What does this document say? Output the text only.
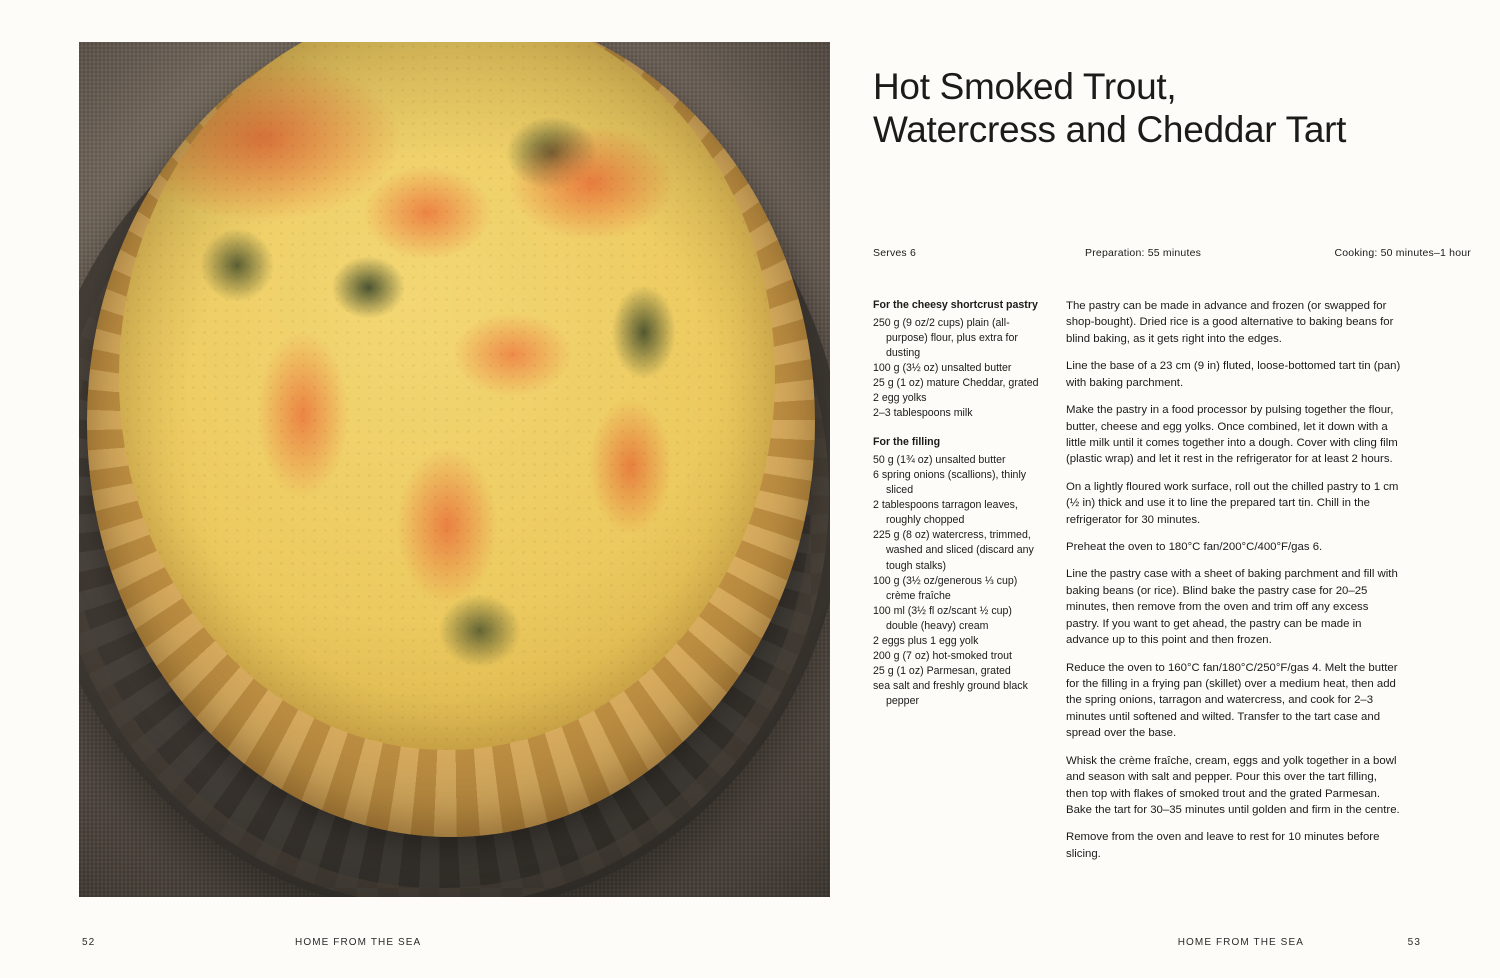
52	HOME FROM THE SEA
Hot Smoked Trout, Watercress and Cheddar Tart
Serves 6	Preparation: 55 minutes	Cooking: 50 minutes–1 hour
For the cheesy shortcrust pastry
250 g (9 oz/2 cups) plain (all-purpose) flour, plus extra for dusting
100 g (3½ oz) unsalted butter
25 g (1 oz) mature Cheddar, grated
2 egg yolks
2–3 tablespoons milk
For the filling
50 g (1¾ oz) unsalted butter
6 spring onions (scallions), thinly sliced
2 tablespoons tarragon leaves, roughly chopped
225 g (8 oz) watercress, trimmed, washed and sliced (discard any tough stalks)
100 g (3½ oz/generous ⅓ cup) crème fraîche
100 ml (3½ fl oz/scant ½ cup) double (heavy) cream
2 eggs plus 1 egg yolk
200 g (7 oz) hot-smoked trout
25 g (1 oz) Parmesan, grated
sea salt and freshly ground black pepper

The pastry can be made in advance and frozen (or swapped for shop-bought). Dried rice is a good alternative to baking beans for blind baking, as it gets right into the edges.

Line the base of a 23 cm (9 in) fluted, loose-bottomed tart tin (pan) with baking parchment.

Make the pastry in a food processor by pulsing together the flour, butter, cheese and egg yolks. Once combined, let it down with a little milk until it comes together into a dough. Cover with cling film (plastic wrap) and let it rest in the refrigerator for at least 2 hours.

On a lightly floured work surface, roll out the chilled pastry to 1 cm (½ in) thick and use it to line the prepared tart tin. Chill in the refrigerator for 30 minutes.

Preheat the oven to 180°C fan/200°C/400°F/gas 6.

Line the pastry case with a sheet of baking parchment and fill with baking beans (or rice). Blind bake the pastry case for 20–25 minutes, then remove from the oven and trim off any excess pastry. If you want to get ahead, the pastry can be made in advance up to this point and then frozen.

Reduce the oven to 160°C fan/180°C/250°F/gas 4. Melt the butter for the filling in a frying pan (skillet) over a medium heat, then add the spring onions, tarragon and watercress, and cook for 2–3 minutes until softened and wilted. Transfer to the tart case and spread over the base.

Whisk the crème fraîche, cream, eggs and yolk together in a bowl and season with salt and pepper. Pour this over the tart filling, then top with flakes of smoked trout and the grated Parmesan. Bake the tart for 30–35 minutes until golden and firm in the centre.

Remove from the oven and leave to rest for 10 minutes before slicing.

HOME FROM THE SEA	53
